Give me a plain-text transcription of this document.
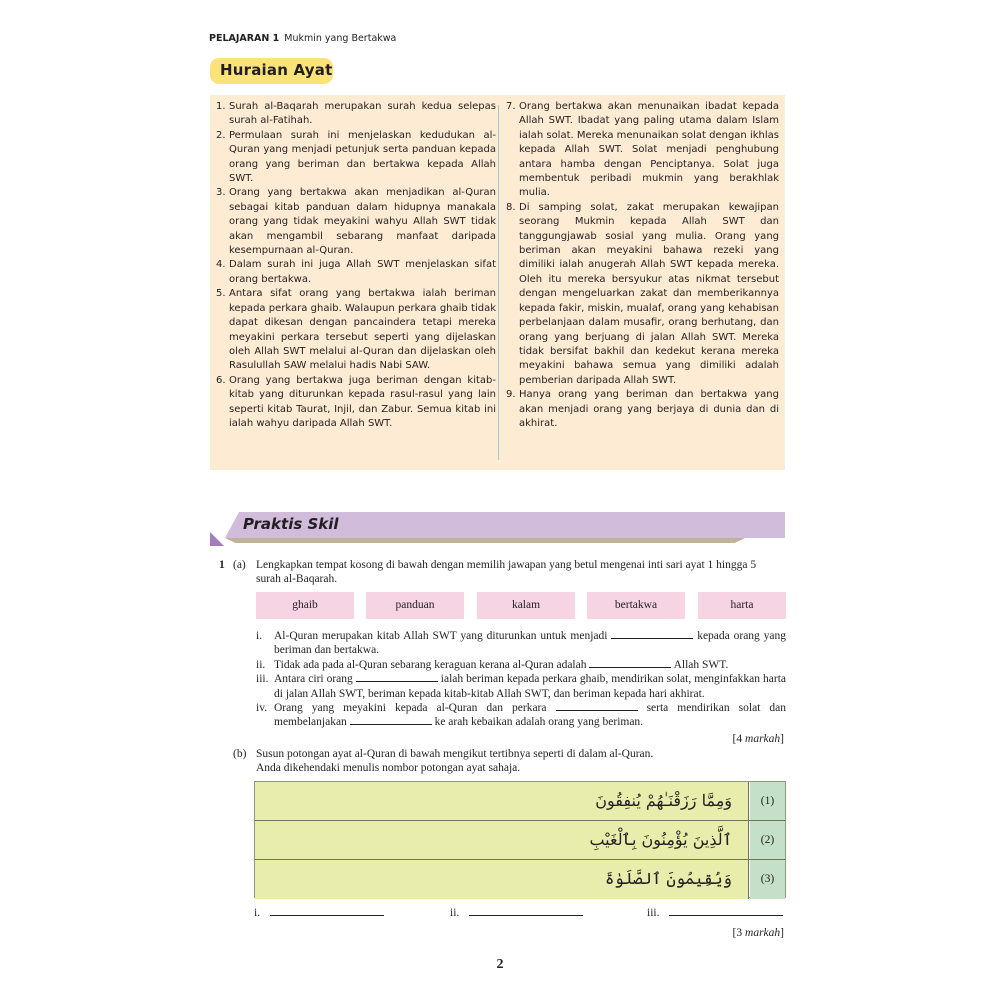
PELAJARAN 1 Mukmin yang Bertakwa
Huraian Ayat
1. Surah al-Baqarah merupakan surah kedua selepas surah al-Fatihah.
2. Permulaan surah ini menjelaskan kedudukan al-Quran yang menjadi petunjuk serta panduan kepada orang yang beriman dan bertakwa kepada Allah SWT.
3. Orang yang bertakwa akan menjadikan al-Quran sebagai kitab panduan dalam hidupnya manakala orang yang tidak meyakini wahyu Allah SWT tidak akan mengambil sebarang manfaat daripada kesempurnaan al-Quran.
4. Dalam surah ini juga Allah SWT menjelaskan sifat orang bertakwa.
5. Antara sifat orang yang bertakwa ialah beriman kepada perkara ghaib. Walaupun perkara ghaib tidak dapat dikesan dengan pancaindera tetapi mereka meyakini perkara tersebut seperti yang dijelaskan oleh Allah SWT melalui al-Quran dan dijelaskan oleh Rasulullah SAW melalui hadis Nabi SAW.
6. Orang yang bertakwa juga beriman dengan kitab-kitab yang diturunkan kepada rasul-rasul yang lain seperti kitab Taurat, Injil, dan Zabur. Semua kitab ini ialah wahyu daripada Allah SWT.
7. Orang bertakwa akan menunaikan ibadat kepada Allah SWT. Ibadat yang paling utama dalam Islam ialah solat. Mereka menunaikan solat dengan ikhlas kepada Allah SWT. Solat menjadi penghubung antara hamba dengan Penciptanya. Solat juga membentuk peribadi mukmin yang berakhlak mulia.
8. Di samping solat, zakat merupakan kewajipan seorang Mukmin kepada Allah SWT dan tanggungjawab sosial yang mulia. Orang yang beriman akan meyakini bahawa rezeki yang dimiliki ialah anugerah Allah SWT kepada mereka. Oleh itu mereka bersyukur atas nikmat tersebut dengan mengeluarkan zakat dan memberikannya kepada fakir, miskin, mualaf, orang yang kehabisan perbelanjaan dalam musafir, orang berhutang, dan orang yang berjuang di jalan Allah SWT. Mereka tidak bersifat bakhil dan kedekut kerana mereka meyakini bahawa semua yang dimiliki adalah pemberian daripada Allah SWT.
9. Hanya orang yang beriman dan bertakwa yang akan menjadi orang yang berjaya di dunia dan di akhirat.
Praktis Skil
1 (a) Lengkapkan tempat kosong di bawah dengan memilih jawapan yang betul mengenai inti sari ayat 1 hingga 5
surah al-Baqarah.
ghaib	panduan	kalam	bertakwa	harta
i.	Al-Quran merupakan kitab Allah SWT yang diturunkan untuk menjadi	kepada orang yang beriman dan bertakwa.
ii. Tidak ada pada al-Quran sebarang keraguan kerana al-Quran adalah	Allah SWT.
iii. Antara ciri orang	ialah beriman kepada perkara ghaib, mendirikan solat, menginfakkan harta di jalan Allah SWT, beriman kepada kitab-kitab Allah SWT, dan beriman kepada hari akhirat.
iv. Orang yang meyakini kepada al-Quran dan perkara	serta mendirikan solat dan membelanjakan	ke arah kebaikan adalah orang yang beriman.
[4 markah]
(b) Susun potongan ayat al-Quran di bawah mengikut tertibnya seperti di dalam al-Quran.
Anda dikehendaki menulis nombor potongan ayat sahaja.
وَمِمَّا رَزَقْنَـٰهُمْ يُنفِقُونَ	(1)
ٱلَّذِينَ يُؤْمِنُونَ بِٱلْغَيْبِ	(2)
وَيُقِيمُونَ ٱلصَّلَوٰةَ	(3)
i.	ii.	iii.
[3 markah]
2
